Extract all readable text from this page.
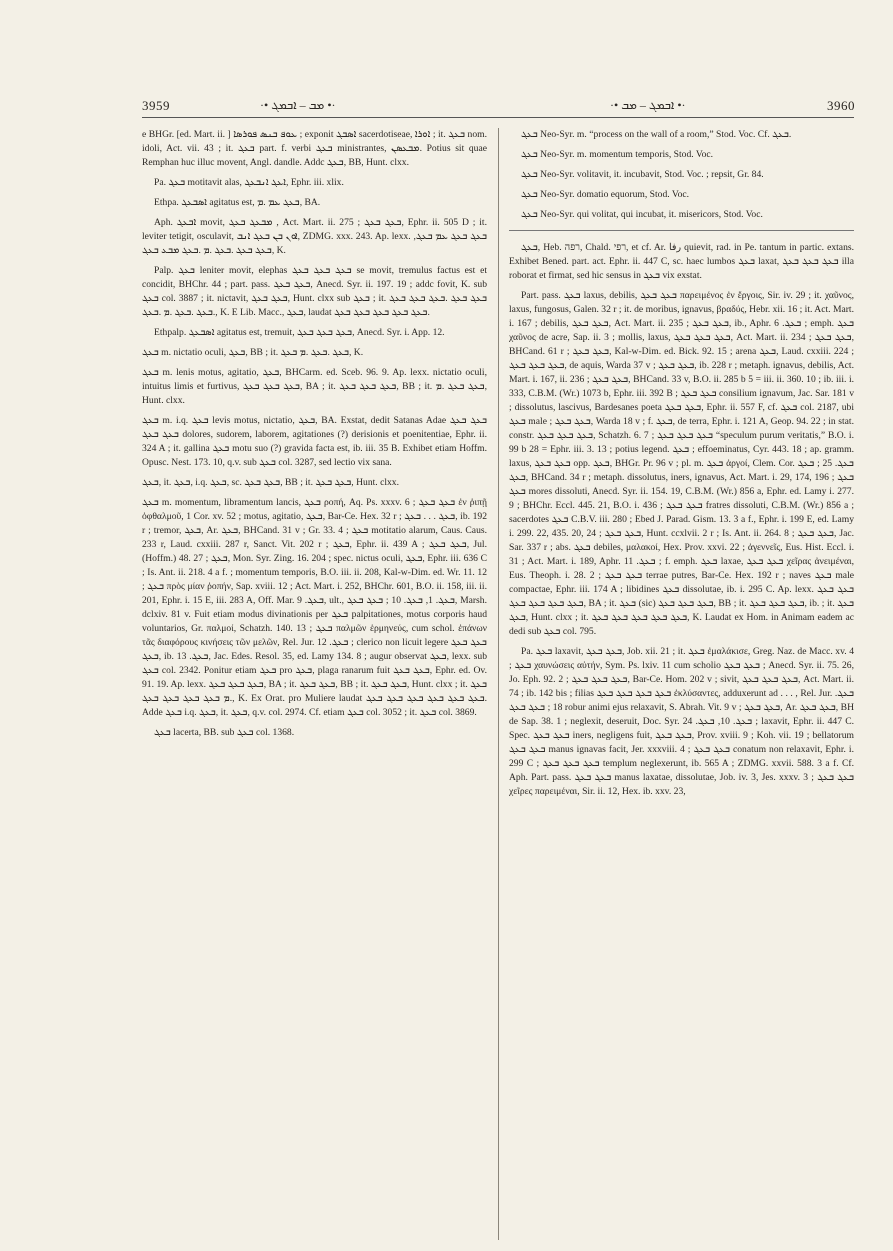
3959	·• ܡܒ – ܐܒܡܓ •·	·• ܐܒܡܓ – ܡܒ •·	3960

e BHGr. [ed. Mart. ii. ] ܥܘܦ ܒܢܣ ܦܘܪܣܐ ; exponit ܐܣܒܓ sacerdotiseae, ܐܘܪܐ ; it. ܒܥܓ nom. idoli, Act. vii. 43 ; it. ܒܥܓ part. f. verbi ܒܥܓ ministrantes, ܡܒܥܣܢ. Potius sit quae Remphan huc illuc movent, Angl. dandle. Addc ܒܥܓ, BB, Hunt. clxx.

Pa. ܒܥܓ motitavit alas, ܐܥܓ ܐܢܒܥܓ, Ephr. iii. xlix.

Ethpa. ܐܣܒܥܓ agitatus est, ܒܥܓ ܥܡ .ܡ, BA.

Aph. ܐܒܥܓ movit, ܡܒܥܓ ܒܥܓ , Act. Mart. ii. 275 ; ܒܥܓ ܒܥܓ, Ephr. ii. 505 D ; it. leviter tetigit, osculavit, ܐܘܢ ܒܢ ܒܥܓ ܐܢܒ, ZDMG. xxx. 243. Ap. lexx. ܒܥܓ ܒܥܓ ܥܡ ܒܥܓ, ܒܥܓ ܒܥܓ .ܒܥܓ .ܡ .ܒܥܓ ܡܒܥ ܒܥܓ, K.

Palp. ܒܥܓ leniter movit, elephas ܒܥܓ ܒܥܓ ܒܥܓ se movit, tremulus factus est et concidit, BHChr. 44 ; part. pass. ܒܥܓ ܒܥܓ, Anecd. Syr. ii. 197. 19 ; addc fovit, K. sub ܒܥܓ col. 3887 ; it. nictavit, ܒܥܓ ܒܥܓ, Hunt. clxx sub ܒܥܓ ; it. ܒܥܓ ܒܥܓ .ܒܥܓ ܒܥܓ ܒܥܓ .ܒܥܓ .ܒܥܓ .ܡ .ܒܥܓ, K. E Lib. Macc., ܒܥܓ, laudat ܒܥܓ ܒܥܓ ܒܥܓ ܒܥܓ ܒܥܓ.

Ethpalp. ܐܣܒܥܓ agitatus est, tremuit, ܒܥܓ ܒܥܓ ܒܥܓ, Anecd. Syr. i. App. 12.

ܒܥܓ m. nictatio oculi, ܒܥܓ, BB ; it. ܒܥܓ .ܒܥܓ .ܡ ܒܥܓ, K.

ܒܥܓ m. lenis motus, agitatio, ܒܥܓ, BHCarm. ed. Sceb. 96. 9. Ap. lexx. nictatio oculi, intuitus limis et furtivus, ܒܥܓ ܒܥܓ ܒܥܓ, BA ; it. ܒܥܓ ܒܥܓ ܒܥܓ, BB ; it. ܒܥܓ ܒܥܓ .ܡ, Hunt. clxx.

ܒܥܓ m. i.q. ܒܥܓ levis motus, nictatio, ܒܥܓ, BA. Exstat, dedit Satanas Adae ܒܥܓ ܒܥܓ ܒܥܓ ܒܥܓ dolores, sudorem, laborem, agitationes (?) derisionis et poenitentiae, Ephr. ii. 324 A ; it. gallina ܒܥܓ motu suo (?) gravida facta est, ib. iii. 35 B. Exhibet etiam Hoffm. Opusc. Nest. 173. 10, q.v. sub ܒܥܓ col. 3287, sed lectio vix sana.

ܒܥܓ, it. ܒܥܓ, i.q. ܒܥܓ, sc. ܒܥܓ ܒܥܓ, BB ; it. ܒܥܓ ܒܥܓ, Hunt. clxx.

ܒܥܓ m. momentum, libramentum lancis, ܒܥܓ ροπή, Aq. Ps. xxxv. 6 ; ܒܥܓ ܒܥܓ ἐν ῥιπῇ ὀφθαλμοῦ, 1 Cor. xv. 52 ; motus, agitatio, ܒܥܓ, Bar-Ce. Hex. 32 r ; ܒܥܓ . . . ܒܥܓ, ib. 192 r ; tremor, ܒܥܓ, Ar. ܒܥܓ, BHCand. 31 v ; Gr. 33. 4 ; ܒܥܓ motitatio alarum, Caus. Caus. 233 r, Laud. cxxiii. 287 r, Sanct. Vit. 202 r ; ܒܥܓ, Ephr. ii. 439 A ; ܒܥܓ ܒܥܓ, Jul. (Hoffm.) 48. 27 ; ܒܥܓ, Mon. Syr. Zing. 16. 204 ; spec. nictus oculi, ܒܥܓ, Ephr. iii. 636 C ; Is. Ant. ii. 218. 4 a f. ; momentum temporis, B.O. iii. ii. 208, Kal-w-Dim. ed. Wr. 11. 12 ; ܒܥܓ πρὸς μίαν ῥοπήν, Sap. xviii. 12 ; Act. Mart. i. 252, BHChr. 601, B.O. ii. 158, iii. ii. 201, Ephr. i. 15 E, iii. 283 A, Off. Mar. ܒܥܓ. 9, ult., ܒܥܓ. 1, ܒܥܓ. 10 ; ܒܥܓ ܒܥܓ, Marsh. dclxiv. 81 v. Fuit etiam modus divinationis per ܒܥܓ palpitationes, motus corporis haud voluntarios, Gr. παλμοί, Schatzh. 140. 13 ; ܒܥܓ παλμῶν ἑρμηνεύς, cum schol. ἐπάνων τᾶς διαφόρους κινήσεις τῶν μελῶν, Rel. Jur. ܒܥܓ. 12 ; clerico non licuit legere ܒܥܓ ܒܥܓ ܒܥܓ, ib. ܒܥܓ. 13, Jac. Edes. Resol. 35, ed. Lamy 134. 8 ; augur observat ܒܥܓ, lexx. sub ܒܥܓ col. 2342. Ponitur etiam ܒܥܓ pro ܒܥܓ, plaga ranarum fuit ܒܥܓ ܒܥܓ, Ephr. ed. Ov. 91. 19. Ap. lexx. ܒܥܓ ܒܥܓ ܒܥܓ, BA ; it. ܒܥܓ ܒܥܓ, BB ; it. ܒܥܓ ܒܥܓ, Hunt. clxx ; it. ܒܥܓ .ܡ ܒܥܓ ܒܥܓ ܒܥܓ ܒܥܓ, K. Ex Orat. pro Muliere laudat ܒܥܓ ܒܥܓ ܒܥܓ ܒܥܓ ܒܥܓ ܒܥܓ. Adde ܒܥܓ i.q. ܒܥܓ, it. ܒܥܓ, q.v. col. 2974. Cf. etiam ܒܥܓ col. 3052 ; it. ܒܥܓ col. 3869.

ܒܥܓ lacerta, BB. sub ܒܥܓ col. 1368.

ܒܥܓ Neo-Syr. m. “process on the wall of a room,” Stod. Voc. Cf. ܒܥܓ.

ܒܥܓ Neo-Syr. m. momentum temporis, Stod. Voc.

ܒܥܓ Neo-Syr. volitavit, it. incubavit, Stod. Voc. ; repsit, Gr. 84.

ܒܥܓ Neo-Syr. domatio equorum, Stod. Voc.

ܒܥܓ Neo-Syr. qui volitat, qui incubat, it. misericors, Stod. Voc.

ܒܥܓ, Heb. רפה, Chald. רפי, et cf. Ar. رفا quievit, rad. in Pe. tantum in partic. extans. Exhibet Bened. part. act. Ephr. ii. 447 C, sc. haec lumbos ܒܥܓ laxat, ܒܥܓ ܒܥܓ ܒܥܓ illa roborat et firmat, sed hic sensus in ܒܥܓ vix exstat.

Part. pass. ܒܥܓ laxus, debilis, ܒܥܓ ܒܥܓ παρειμένος ἐν ἔργοις, Sir. iv. 29 ; it. χαῦνος, laxus, fungosus, Galen. 32 r ; it. de moribus, ignavus, βραδύς, Hebr. xii. 16 ; it. Act. Mart. i. 167 ; debilis, ܒܥܓ ܒܥܓ, Act. Mart. ii. 235 ; ܒܥܓ ܒܥܓ, ib., Aphr. ܒܥܓ. 6 ; emph. ܒܥܓ χαῦνος de acre, Sap. ii. 3 ; mollis, laxus, ܒܥܓ ܒܥܓ ܒܥܓ, Act. Mart. ii. 234 ; ܒܥܓ ܒܥܓ, BHCand. 61 r ; ܒܥܓ ܒܥܓ, Kal-w-Dim. ed. Bick. 92. 15 ; arena ܒܥܓ, Laud. cxxiii. 224 ; ܒܥܓ ܒܥܓ ܒܥܓ, de aquis, Warda 37 v ; ܒܥܓ ܒܥܓ, ib. 228 r ; metaph. ignavus, debilis, Act. Mart. i. 167, ii. 236 ; ܒܥܓ ܒܥܓ, BHCand. 33 v, B.O. ii. 285 b 5 = iii. ii. 360. 10 ; ib. iii. i. 333, C.B.M. (Wr.) 1073 b, Ephr. iii. 392 B ; ܒܥܓ ܒܥܓ consilium ignavum, Jac. Sar. 181 v ; dissolutus, lascivus, Bardesanes poeta ܒܥܓ ܒܥܓ, Ephr. ii. 557 F, cf. ܒܥܓ col. 2187, ubi ܒܥܓ male ; ܒܥܓ ܒܥܓ, Warda 18 v ; f. ܒܥܓ, de terra, Ephr. i. 121 A, Geop. 94. 22 ; in stat. constr. ܒܥܓ ܒܥܓ ܒܥܓ, Schatzh. 6. 7 ; ܒܥܓ ܒܥܓ ܒܥܓ “speculum purum veritatis,” B.O. i. 99 b 28 = Ephr. iii. 3. 13 ; potius legend. ܒܥܓ ; effoeminatus, Cyr. 443. 18 ; ap. gramm. laxus, ܒܥܓ ܒܥܓ opp. ܒܥܓ, BHGr. Pr. 96 v ; pl. m. ܒܥܓ ἀργοί, Clem. Cor. ܒܥܓ. 25 ; ܒܥܓ ܒܥܓ, BHCand. 34 r ; metaph. dissolutus, iners, ignavus, Act. Mart. i. 29, 174, 196 ; ܒܥܓ ܒܥܓ mores dissoluti, Anecd. Syr. ii. 154. 19, C.B.M. (Wr.) 856 a, Ephr. ed. Lamy i. 277. 9 ; BHChr. Eccl. 445. 21, B.O. i. 436 ; ܒܥܓ ܒܥܓ fratres dissoluti, C.B.M. (Wr.) 856 a ; sacerdotes ܒܥܓ C.B.V. iii. 280 ; Ebed J. Parad. Gism. 13. 3 a f., Ephr. i. 199 E, ed. Lamy i. 299. 22, 435. 20, 24 ; ܒܥܓ ܒܥܓ, Hunt. ccxlvii. 2 r ; Is. Ant. ii. 264. 8 ; ܒܥܓ ܒܥܓ, Jac. Sar. 337 r ; abs. ܒܥܓ debiles, μαλακοί, Hex. Prov. xxvi. 22 ; ἀγεννεῖς, Eus. Hist. Eccl. i. 31 ; Act. Mart. i. 189, Aphr. ܒܥܓ. 11 ; f. emph. ܒܥܓ laxae, ܒܥܓ ܒܥܓ χεῖρας ἀνειμέναι, Eus. Theoph. i. 28. 2 ; ܒܥܓ ܒܥܓ terrae putres, Bar-Ce. Hex. 192 r ; naves ܒܥܓ male compactae, Ephr. iii. 174 A ; libidines ܒܥܓ dissolutae, ib. i. 295 C. Ap. lexx. ܒܥܓ ܒܥܓ ܒܥܓ ܒܥܓ ܒܥܓ ܒܥܓ, BA ; it. ܒܥܓ (sic) ܒܥܓ ܒܥܓ ܒܥܓ, BB ; it. ܒܥܓ ܒܥܓ ܒܥܓ, ib. ; it. ܒܥܓ ܒܥܓ, Hunt. clxx ; it. ܒܥܓ ܒܥܓ ܒܥܓ ܒܥܓ ܒܥܓ, K. Laudat ex Hom. in Animam eadem ac dedi sub ܒܥܓ col. 795.

Pa. ܒܥܓ laxavit, ܒܥܓ ܒܥܓ, Job. xii. 21 ; it. ܒܥܓ ἐμαλάκισε, Greg. Naz. de Macc. xv. 4 ; ܒܥܓ χαυνώσεις αὐτήν, Sym. Ps. lxiv. 11 cum scholio ܒܥܓ ܒܥܓ ; Anecd. Syr. ii. 75. 26, Jo. Eph. 92. 2 ; ܒܥܓ ܒܥܓ ܒܥܓ, Bar-Ce. Hom. 202 v ; sivit, ܒܥܓ ܒܥܓ ܒܥܓ, Act. Mart. ii. 74 ; ib. 142 bis ; filias ܒܥܓ ܒܥܓ ܒܥܓ ܒܥܓ ἐκλύσαντες, adduxerunt ad . . . , Rel. Jur. ܒܥܓ. 18 ; ܒܥܓ ܒܥܓ robur animi ejus relaxavit, S. Abrah. Vit. 9 v ; ܒܥܓ ܒܥܓ, Ar. ܒܥܓ ܒܥܓ, BH de Sap. 38. 1 ; neglexit, deseruit, Doc. Syr. ܒܥܓ. 10, ܒܥܓ. 24 ; laxavit, Ephr. ii. 447 C. Spec. ܒܥܓ ܒܥܓ iners, negligens fuit, ܒܥܓ ܒܥܓ, Prov. xviii. 9 ; Koh. vii. 19 ; bellatorum ܒܥܓ ܒܥܓ manus ignavas facit, Jer. xxxviii. 4 ; ܒܥܓ ܒܥܓ conatum non relaxavit, Ephr. i. 299 C ; ܒܥܓ ܒܥܓ ܒܥܓ templum neglexerunt, ib. 565 A ; ZDMG. xxvii. 588. 3 a f. Cf. Aph. Part. pass. ܒܥܓ ܒܥܓ manus laxatae, dissolutae, Job. iv. 3, Jes. xxxv. 3 ; ܒܥܓ ܒܥܓ χεῖρες παρειμέναι, Sir. ii. 12, Hex. ib. xxv. 23,
